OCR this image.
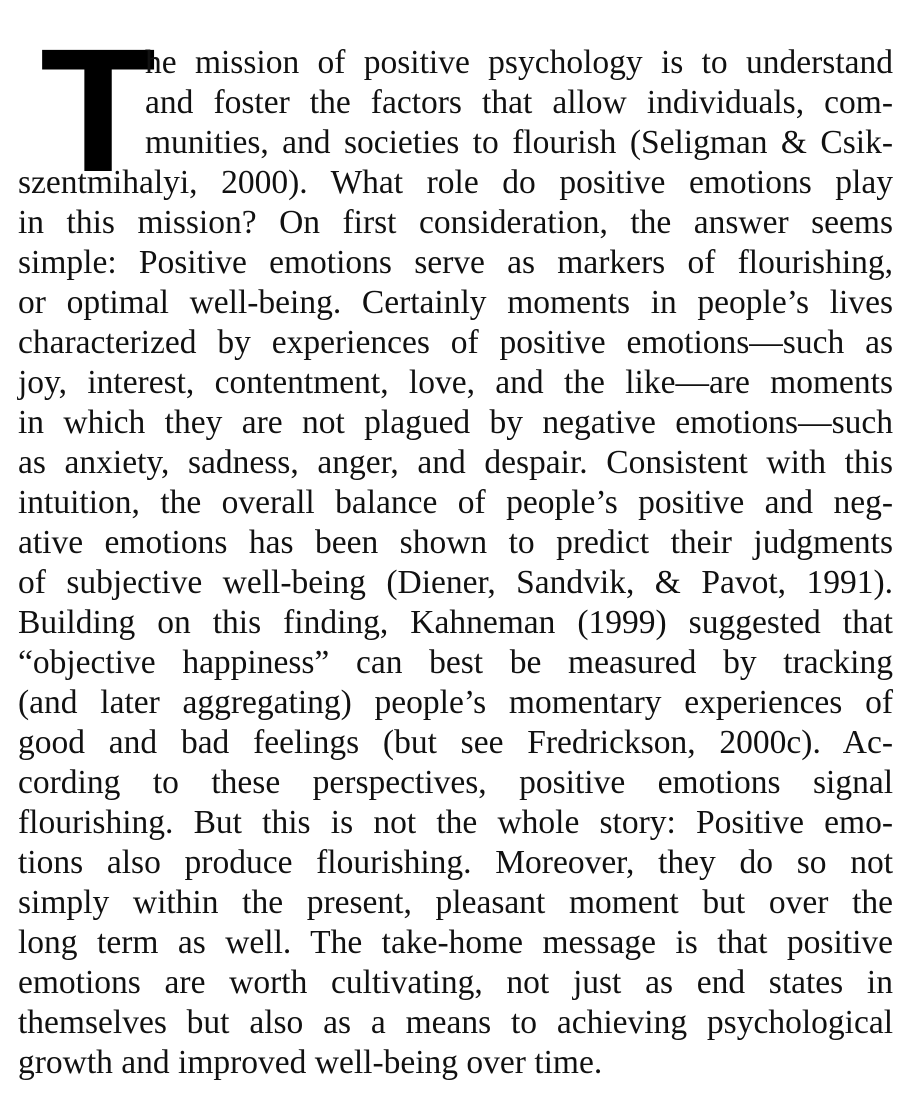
T
he mission of positive psychology is to understand
and foster the factors that allow individuals, com-
munities, and societies to flourish (Seligman & Csik-
szentmihalyi, 2000). What role do positive emotions play
in this mission? On first consideration, the answer seems
simple: Positive emotions serve as markers of flourishing,
or optimal well-being. Certainly moments in people’s lives
characterized by experiences of positive emotions—such as
joy, interest, contentment, love, and the like—are moments
in which they are not plagued by negative emotions—such
as anxiety, sadness, anger, and despair. Consistent with this
intuition, the overall balance of people’s positive and neg-
ative emotions has been shown to predict their judgments
of subjective well-being (Diener, Sandvik, & Pavot, 1991).
Building on this finding, Kahneman (1999) suggested that
“objective happiness” can best be measured by tracking
(and later aggregating) people’s momentary experiences of
good and bad feelings (but see Fredrickson, 2000c). Ac-
cording to these perspectives, positive emotions signal
flourishing. But this is not the whole story: Positive emo-
tions also produce flourishing. Moreover, they do so not
simply within the present, pleasant moment but over the
long term as well. The take-home message is that positive
emotions are worth cultivating, not just as end states in
themselves but also as a means to achieving psychological
growth and improved well-being over time.
